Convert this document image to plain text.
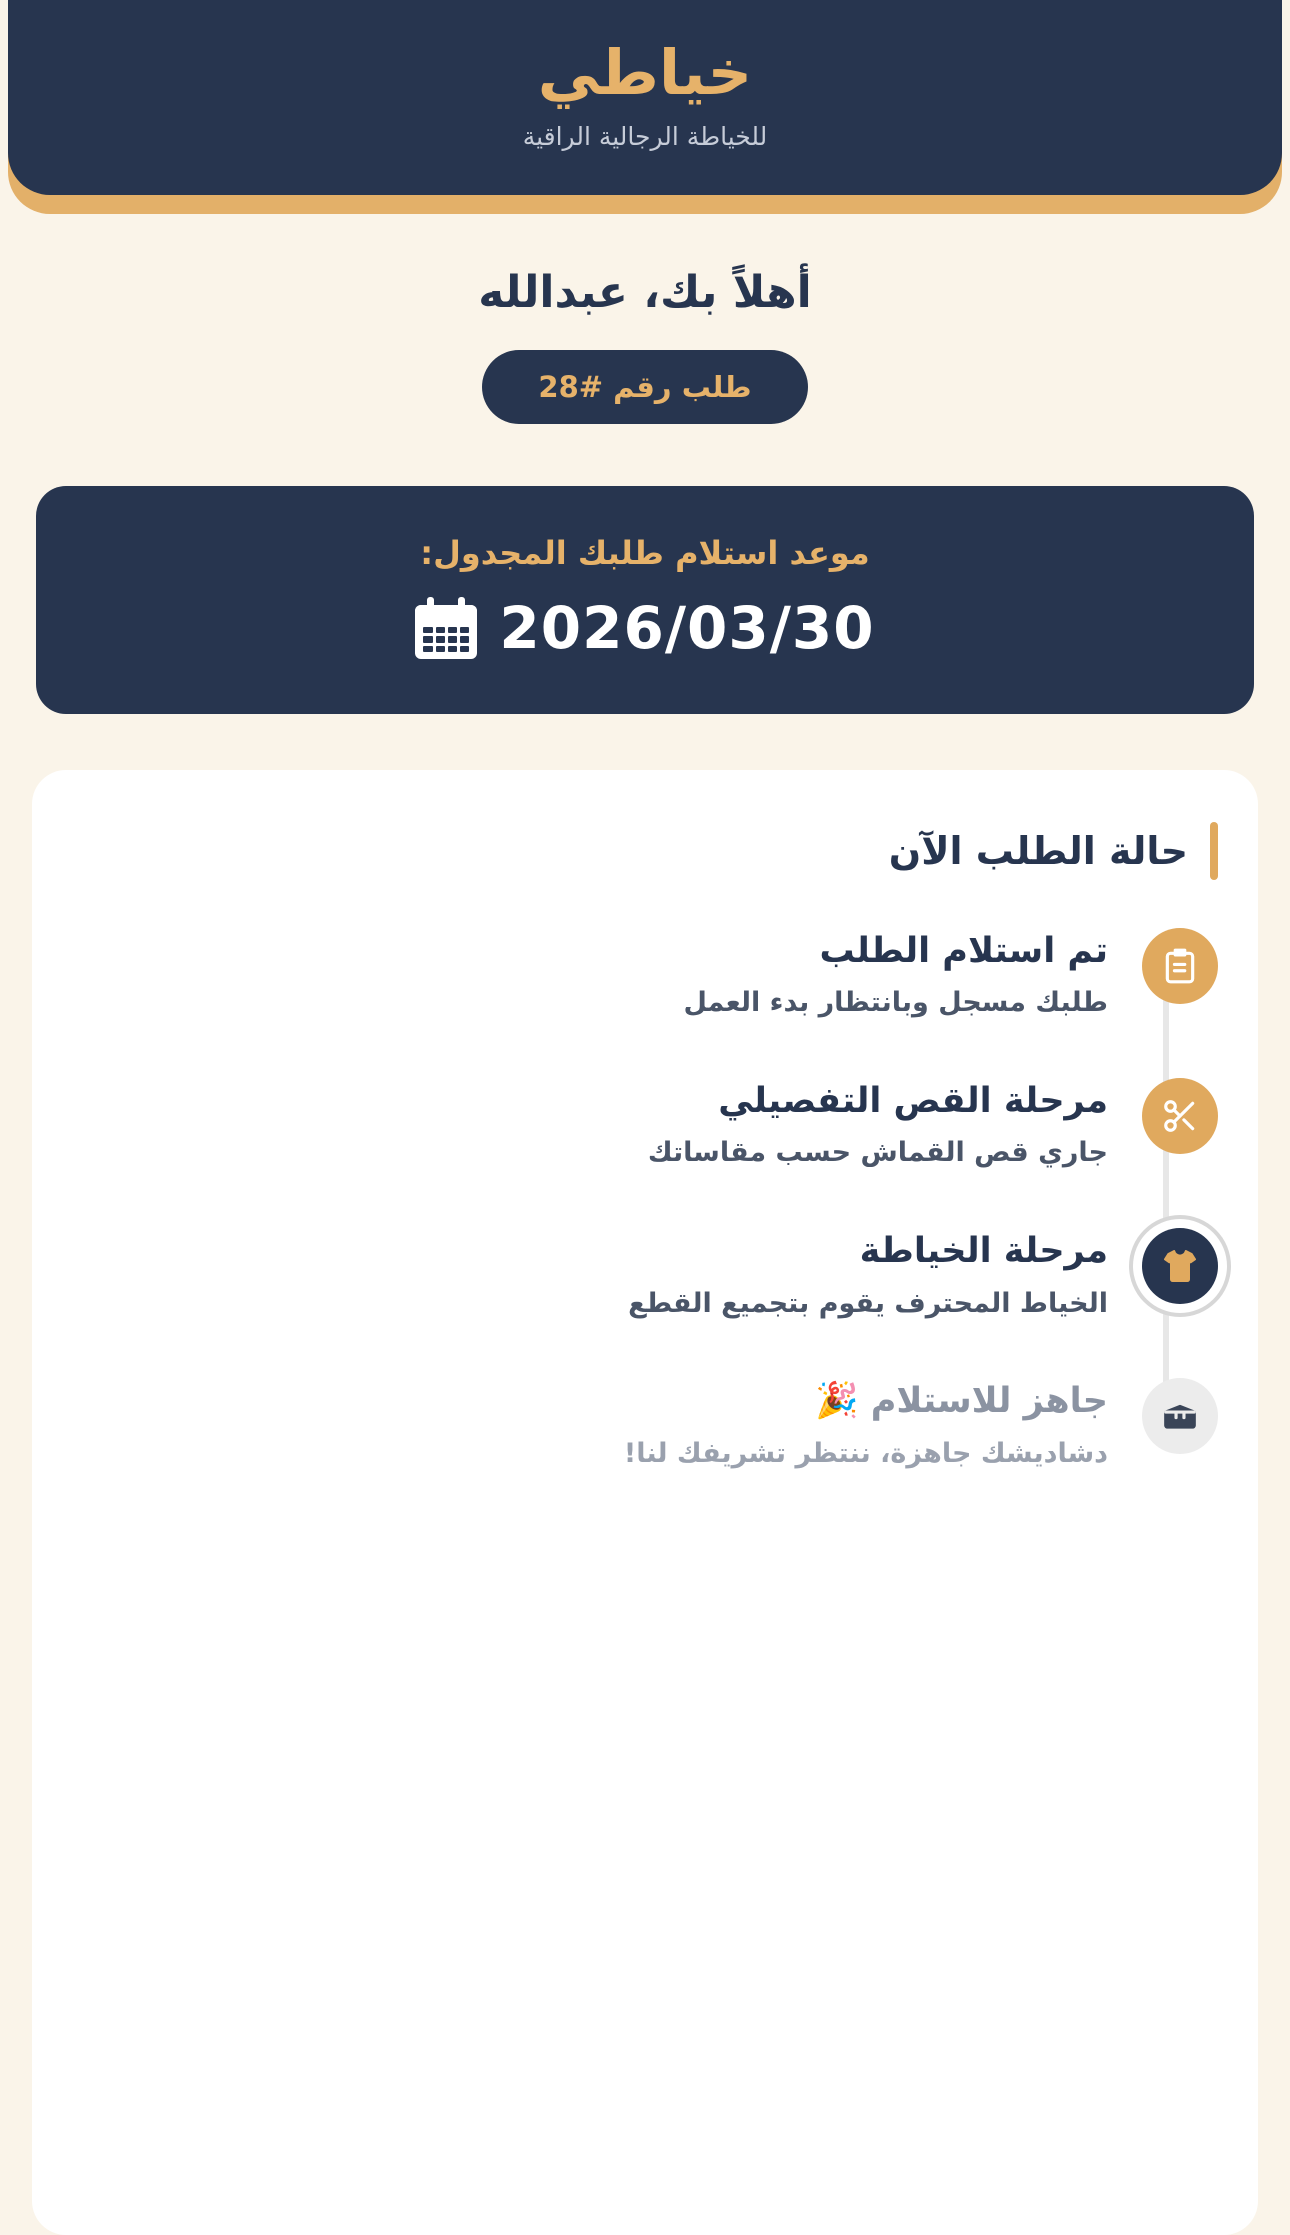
خياطي
للخياطة الرجالية الراقية
أهلاً بك، عبدالله
طلب رقم #28
موعد استلام طلبك المجدول:
2026/03/30
حالة الطلب الآن
تم استلام الطلب
طلبك مسجل وبانتظار بدء العمل
مرحلة القص التفصيلي
جاري قص القماش حسب مقاساتك
مرحلة الخياطة
الخياط المحترف يقوم بتجميع القطع
جاهز للاستلام 🎉
دشاديشك جاهزة، ننتظر تشريفك لنا!
